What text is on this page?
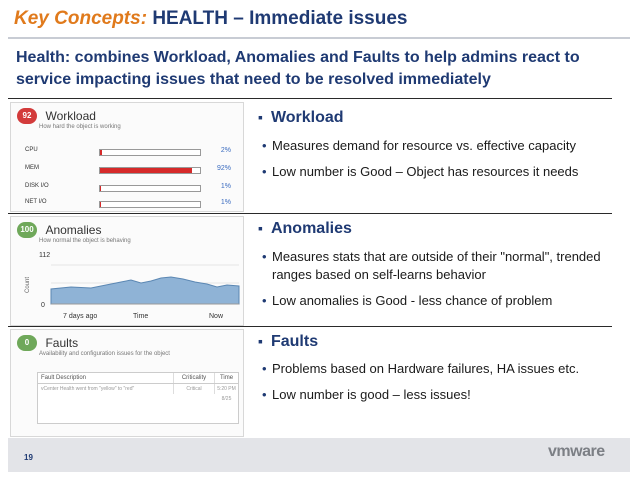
Key Concepts: HEALTH – Immediate issues
Health: combines Workload, Anomalies and Faults to help admins react to service impacting issues that need to be resolved immediately
92 Workload
How hard the object is working
CPU	2%
MEM	92%
DISK I/O	1%
NET I/O	1%
100 Anomalies
How normal the object is behaving
112
0
Count
7 days ago	Time	Now
0 Faults
Availability and configuration issues for the object
Fault Description	Criticality	Time
vCenter Health went from "yellow" to "red"	Critical	5:20 PM 8/25
▪ Workload
• Measures demand for resource vs. effective capacity
• Low number is Good – Object has resources it needs
▪ Anomalies
• Measures stats that are outside of their "normal", trended ranges based on self-learns behavior
• Low anomalies is Good - less chance of problem
▪ Faults
• Problems based on Hardware failures, HA issues etc.
• Low number is good – less issues!
19	vmware
